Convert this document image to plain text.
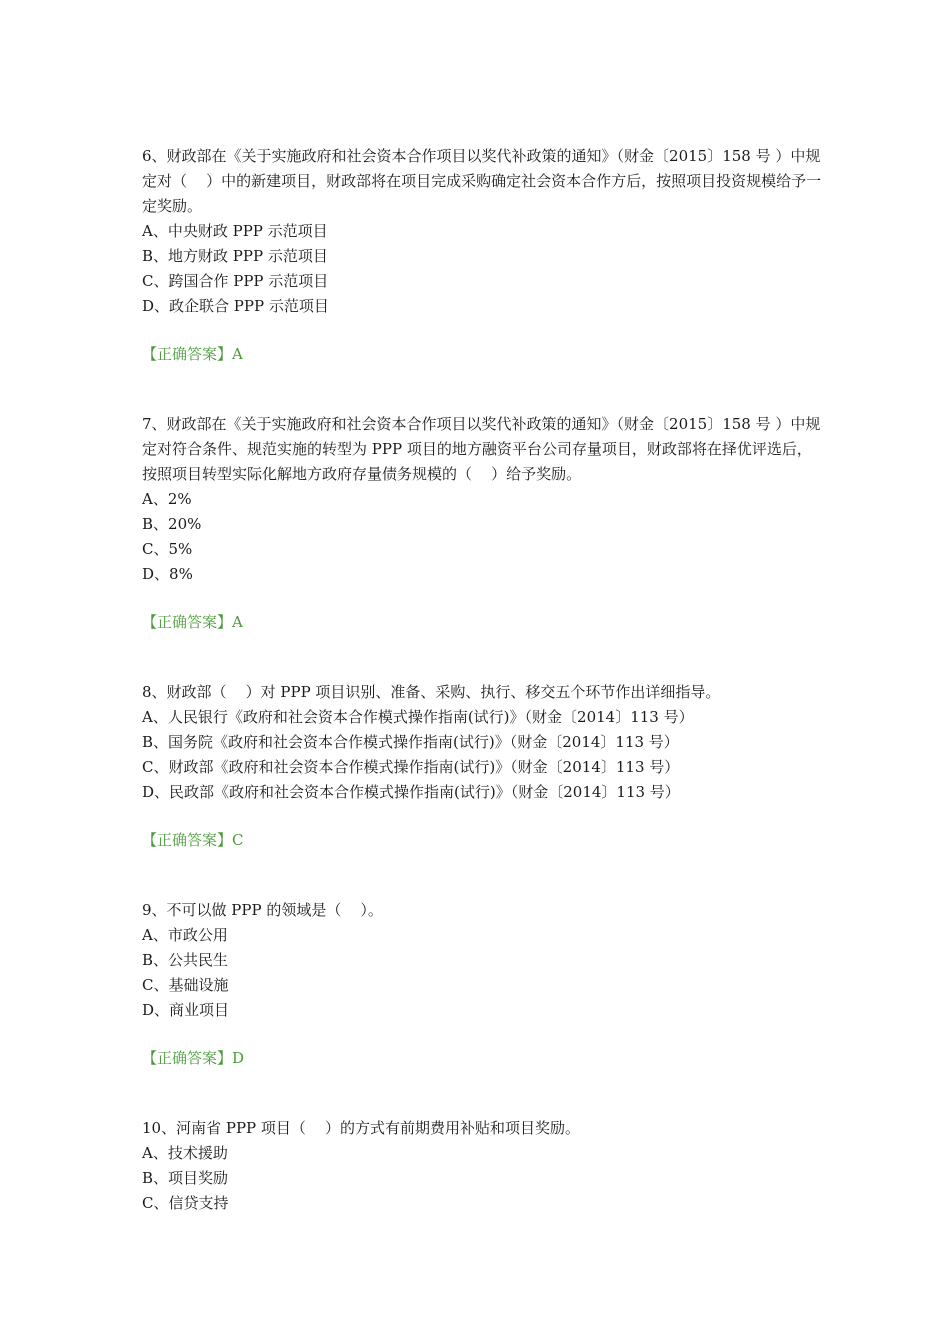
6、财政部在《关于实施政府和社会资本合作项目以奖代补政策的通知》（财金〔2015〕158 号 ）中规定对（    ）中的新建项目，财政部将在项目完成采购确定社会资本合作方后，按照项目投资规模给予一定奖励。

A、中央财政 PPP 示范项目

B、地方财政 PPP 示范项目

C、跨国合作 PPP 示范项目

D、政企联合 PPP 示范项目

【正确答案】A

7、财政部在《关于实施政府和社会资本合作项目以奖代补政策的通知》（财金〔2015〕158 号 ）中规定对符合条件、规范实施的转型为 PPP 项目的地方融资平台公司存量项目，财政部将在择优评选后，按照项目转型实际化解地方政府存量债务规模的（    ）给予奖励。

A、2%

B、20%

C、5%

D、8%

【正确答案】A

8、财政部（    ）对 PPP 项目识别、准备、采购、执行、移交五个环节作出详细指导。

A、人民银行《政府和社会资本合作模式操作指南(试行)》（财金〔2014〕113 号）

B、国务院《政府和社会资本合作模式操作指南(试行)》（财金〔2014〕113 号）

C、财政部《政府和社会资本合作模式操作指南(试行)》（财金〔2014〕113 号）

D、民政部《政府和社会资本合作模式操作指南(试行)》（财金〔2014〕113 号）

【正确答案】C

9、不可以做 PPP 的领域是（    ）。

A、市政公用

B、公共民生

C、基础设施

D、商业项目

【正确答案】D

10、河南省 PPP 项目（    ）的方式有前期费用补贴和项目奖励。

A、技术援助

B、项目奖励

C、信贷支持
